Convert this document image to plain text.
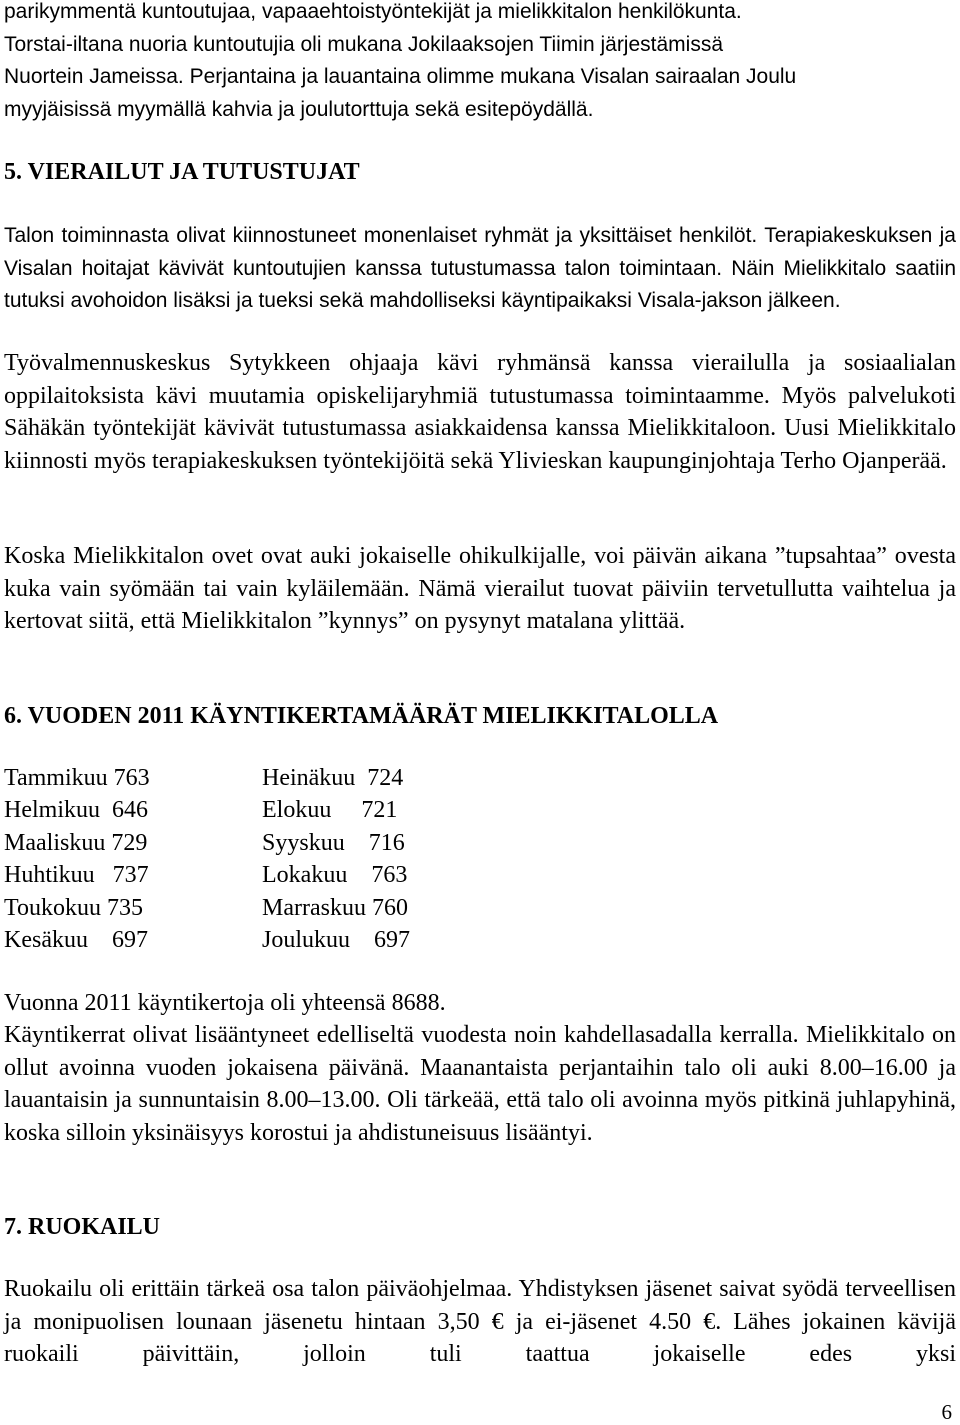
parikymmentä kuntoutujaa, vapaaehtoistyöntekijät ja mielikkitalon henkilökunta.
Torstai-iltana nuoria kuntoutujia oli mukana Jokilaaksojen Tiimin järjestämissä
Nuortein Jameissa. Perjantaina ja lauantaina olimme mukana Visalan sairaalan Joulu
myyjäisissä myymällä kahvia ja joulutorttuja sekä esitepöydällä.
5. VIERAILUT JA TUTUSTUJAT

Talon toiminnasta olivat kiinnostuneet monenlaiset ryhmät ja yksittäiset henkilöt. Terapiakeskuksen ja Visalan hoitajat kävivät kuntoutujien kanssa tutustumassa talon toimintaan. Näin Mielikkitalo saatiin tutuksi avohoidon lisäksi ja tueksi sekä mahdolliseksi käyntipaikaksi Visala-jakson jälkeen.

Työvalmennuskeskus Sytykkeen ohjaaja kävi ryhmänsä kanssa vierailulla ja sosiaalialan oppilaitoksista kävi muutamia opiskelijaryhmiä tutustumassa toimintaamme. Myös palvelukoti Sähäkän työntekijät kävivät tutustumassa asiakkaidensa kanssa Mielikkitaloon. Uusi Mielikkitalo kiinnosti myös terapiakeskuksen työntekijöitä sekä Ylivieskan kaupunginjohtaja Terho Ojanperää.

Koska Mielikkitalon ovet ovat auki jokaiselle ohikulkijalle, voi päivän aikana ”tupsahtaa” ovesta kuka vain syömään tai vain kyläilemään. Nämä vierailut tuovat päiviin tervetullutta vaihtelua ja kertovat siitä, että Mielikkitalon ”kynnys” on pysynyt matalana ylittää.

6. VUODEN 2011 KÄYNTIKERTAMÄÄRÄT MIELIKKITALOLLA
Tammikuu 763	Heinäkuu  724
Helmikuu  646	Elokuu     721
Maaliskuu 729	Syyskuu    716
Huhtikuu   737	Lokakuu    763
Toukokuu 735	Marraskuu 760
Kesäkuu    697	Joulukuu    697

Vuonna 2011 käyntikertoja oli yhteensä 8688.

Käyntikerrat olivat lisääntyneet edelliseltä vuodesta noin kahdellasadalla kerralla. Mielikkitalo on ollut avoinna vuoden jokaisena päivänä. Maanantaista perjantaihin talo oli auki 8.00–16.00 ja lauantaisin ja sunnuntaisin 8.00–13.00. Oli tärkeää, että talo oli avoinna myös pitkinä juhlapyhinä, koska silloin yksinäisyys korostui ja ahdistuneisuus lisääntyi.

7. RUOKAILU

Ruokailu oli erittäin tärkeä osa talon päiväohjelmaa. Yhdistyksen jäsenet saivat syödä terveellisen ja monipuolisen lounaan jäsenetu hintaan 3,50 € ja ei-jäsenet 4.50 €. Lähes jokainen kävijä ruokaili päivittäin, jolloin tuli taattua jokaiselle edes yksi

6
